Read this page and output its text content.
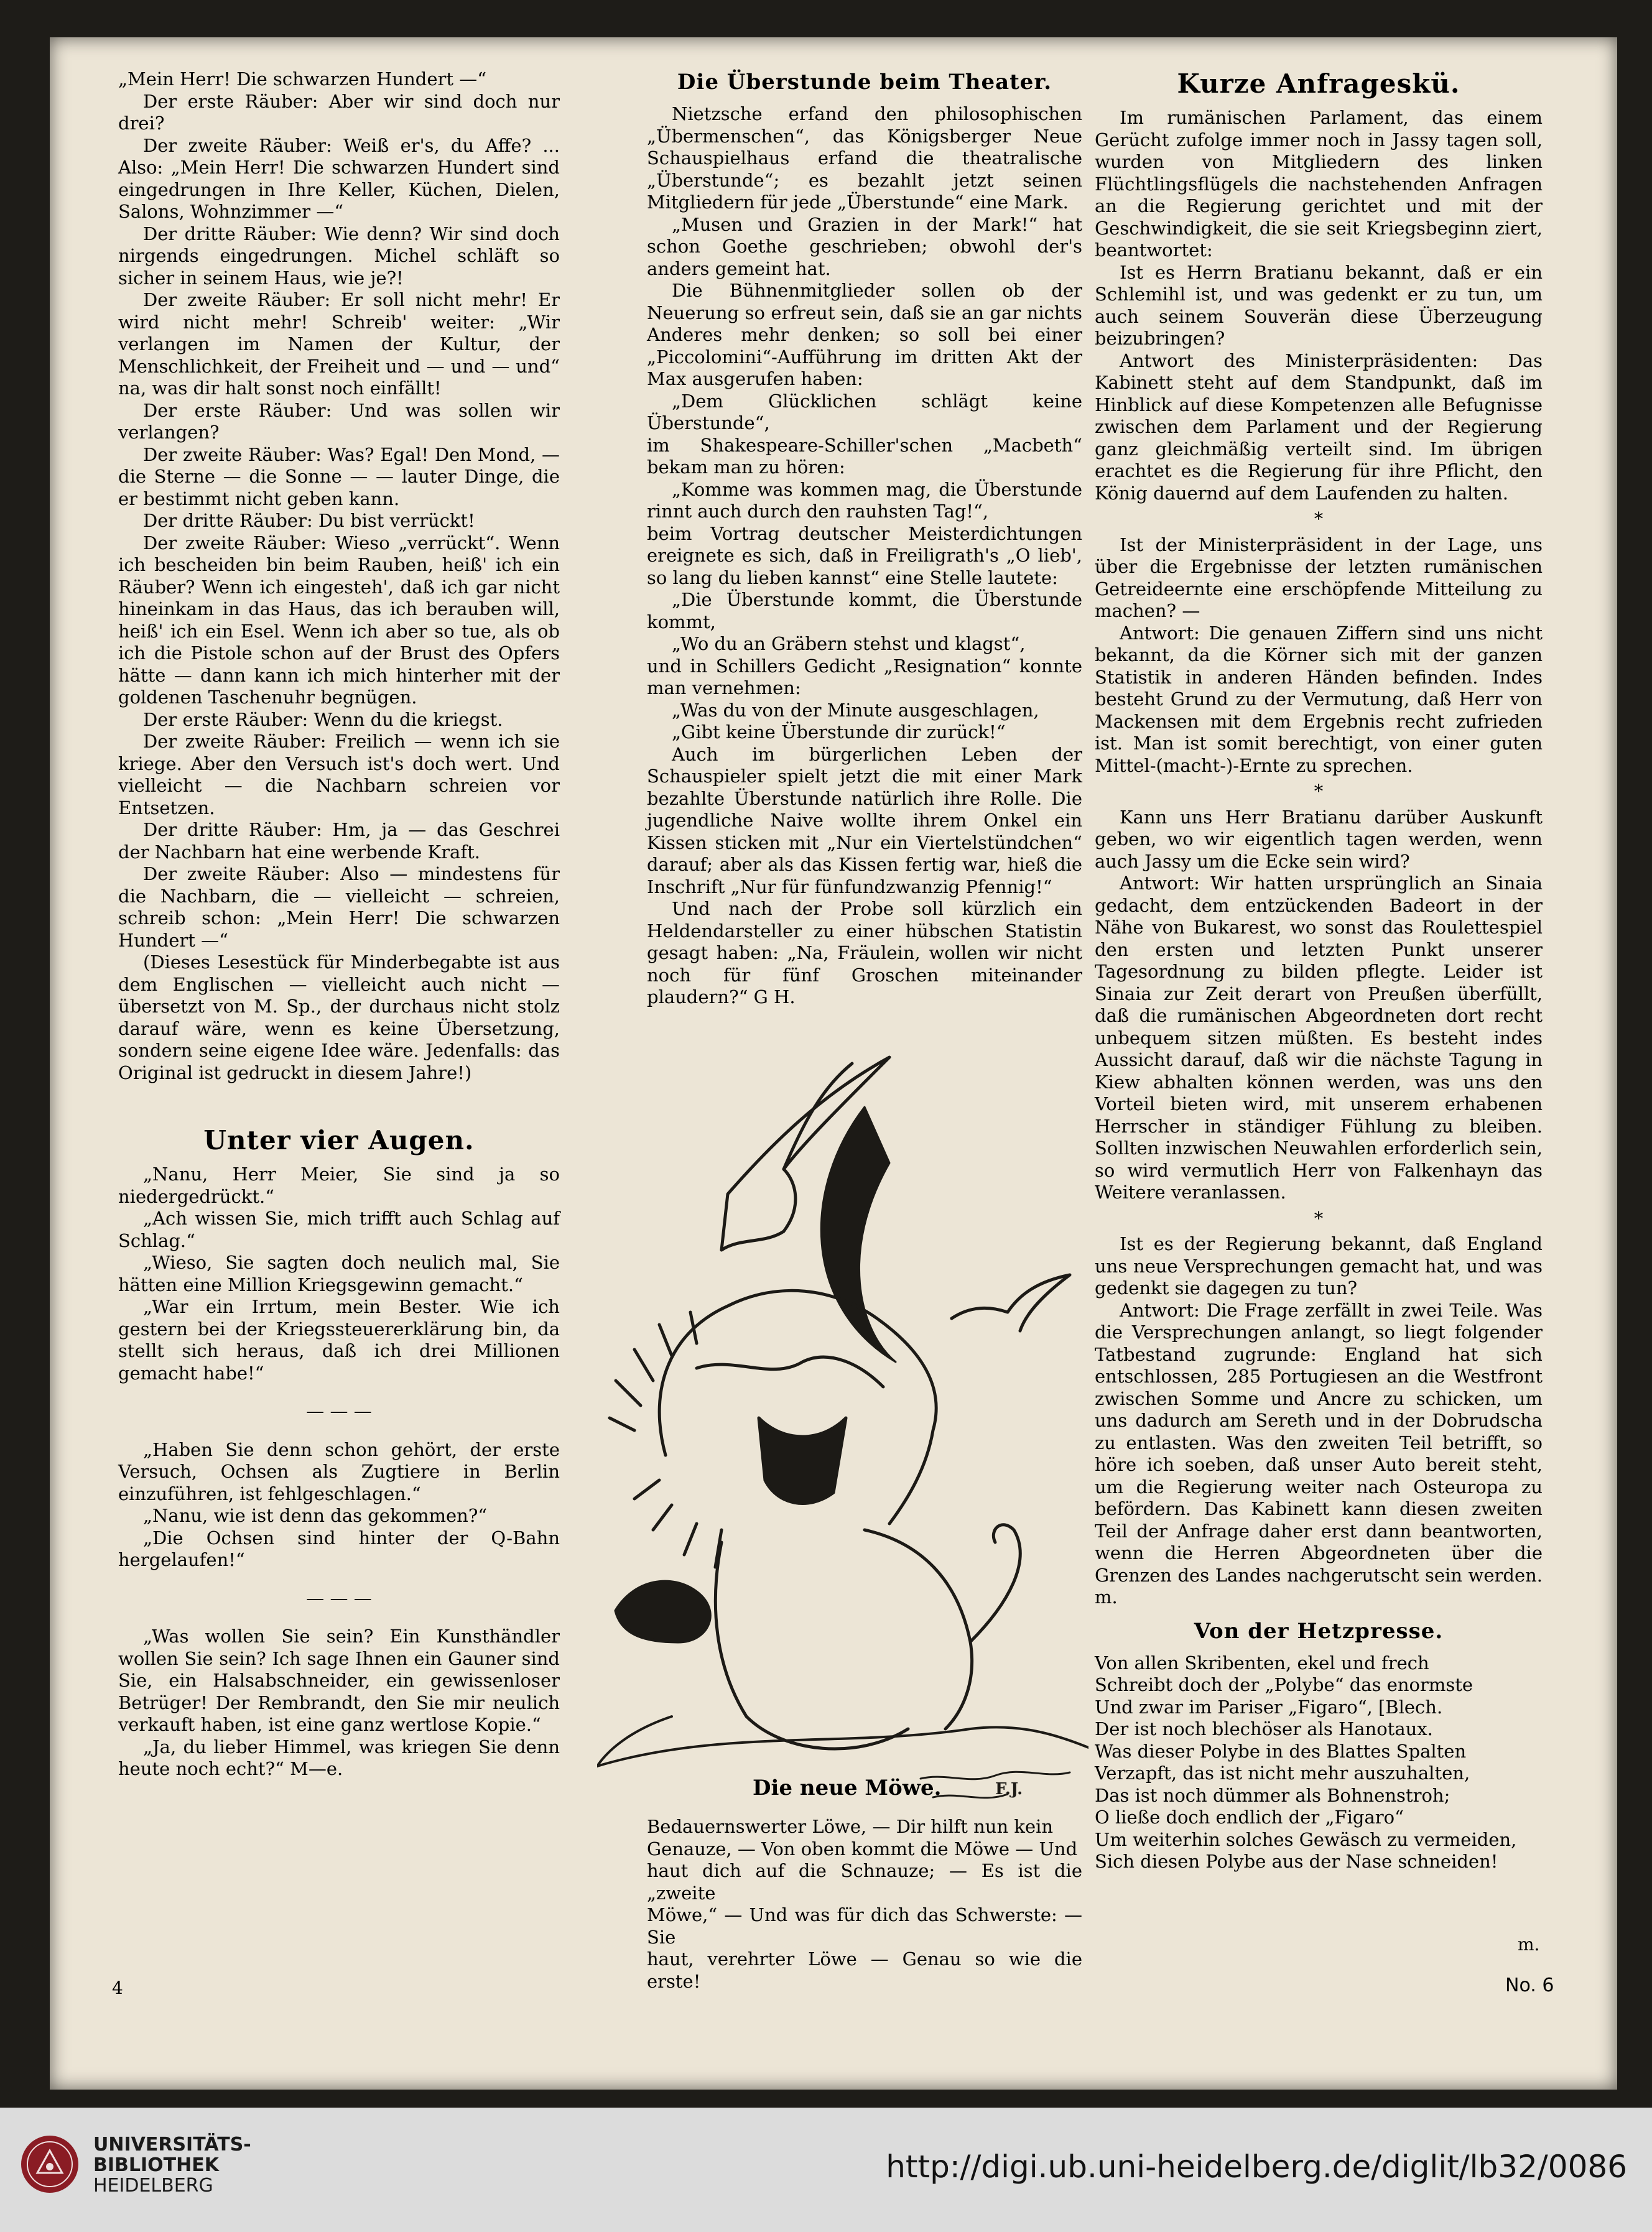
„Mein Herr! Die schwarzen Hundert —“

Der erste Räuber: Aber wir sind doch nur drei?

Der zweite Räuber: Weiß er's, du Affe? ... Also: „Mein Herr! Die schwarzen Hundert sind eingedrungen in Ihre Keller, Küchen, Dielen, Salons, Wohnzimmer —“

Der dritte Räuber: Wie denn? Wir sind doch nirgends eingedrungen. Michel schläft so sicher in seinem Haus, wie je?!

Der zweite Räuber: Er soll nicht mehr! Er wird nicht mehr! Schreib' weiter: „Wir verlangen im Namen der Kultur, der Menschlichkeit, der Freiheit und — und — und“ na, was dir halt sonst noch einfällt!

Der erste Räuber: Und was sollen wir verlangen?

Der zweite Räuber: Was? Egal! Den Mond, — die Sterne — die Sonne — — lauter Dinge, die er bestimmt nicht geben kann.

Der dritte Räuber: Du bist verrückt!

Der zweite Räuber: Wieso „verrückt“. Wenn ich bescheiden bin beim Rauben, heiß' ich ein Räuber? Wenn ich eingesteh', daß ich gar nicht hineinkam in das Haus, das ich berauben will, heiß' ich ein Esel. Wenn ich aber so tue, als ob ich die Pistole schon auf der Brust des Opfers hätte — dann kann ich mich hinterher mit der goldenen Taschenuhr begnügen.

Der erste Räuber: Wenn du die kriegst.

Der zweite Räuber: Freilich — wenn ich sie kriege. Aber den Versuch ist's doch wert. Und vielleicht — die Nachbarn schreien vor Entsetzen.

Der dritte Räuber: Hm, ja — das Geschrei der Nachbarn hat eine werbende Kraft.

Der zweite Räuber: Also — mindestens für die Nachbarn, die — vielleicht — schreien, schreib schon: „Mein Herr! Die schwarzen Hundert —“

(Dieses Lesestück für Minderbegabte ist aus dem Englischen — vielleicht auch nicht — übersetzt von M. Sp., der durchaus nicht stolz darauf wäre, wenn es keine Übersetzung, sondern seine eigene Idee wäre. Jedenfalls: das Original ist gedruckt in diesem Jahre!)

Unter vier Augen.

„Nanu, Herr Meier, Sie sind ja so niedergedrückt.“

„Ach wissen Sie, mich trifft auch Schlag auf Schlag.“

„Wieso, Sie sagten doch neulich mal, Sie hätten eine Million Kriegsgewinn gemacht.“

„War ein Irrtum, mein Bester. Wie ich gestern bei der Kriegssteuererklärung bin, da stellt sich heraus, daß ich drei Millionen gemacht habe!“

— — —

„Haben Sie denn schon gehört, der erste Versuch, Ochsen als Zugtiere in Berlin einzuführen, ist fehlgeschlagen.“

„Nanu, wie ist denn das gekommen?“

„Die Ochsen sind hinter der Q-Bahn hergelaufen!“

— — —

„Was wollen Sie sein? Ein Kunsthändler wollen Sie sein? Ich sage Ihnen ein Gauner sind Sie, ein Halsabschneider, ein gewissenloser Betrüger! Der Rembrandt, den Sie mir neulich verkauft haben, ist eine ganz wertlose Kopie.“

„Ja, du lieber Himmel, was kriegen Sie denn heute noch echt?“ M—e.

Die Überstunde beim Theater.

Nietzsche erfand den philosophischen „Übermenschen“, das Königsberger Neue Schauspielhaus erfand die theatralische „Überstunde“; es bezahlt jetzt seinen Mitgliedern für jede „Überstunde“ eine Mark.

„Musen und Grazien in der Mark!“ hat schon Goethe geschrieben; obwohl der's anders gemeint hat.

Die Bühnenmitglieder sollen ob der Neuerung so erfreut sein, daß sie an gar nichts Anderes mehr denken; so soll bei einer „Piccolomini“-Aufführung im dritten Akt der Max ausgerufen haben:

„Dem Glücklichen schlägt keine Überstunde“,

im Shakespeare-Schiller'schen „Macbeth“ bekam man zu hören:

„Komme was kommen mag, die Überstunde rinnt auch durch den rauhsten Tag!“,

beim Vortrag deutscher Meisterdichtungen ereignete es sich, daß in Freiligrath's „O lieb', so lang du lieben kannst“ eine Stelle lautete:

„Die Überstunde kommt, die Überstunde kommt,

„Wo du an Gräbern stehst und klagst“,

und in Schillers Gedicht „Resignation“ konnte man vernehmen:

„Was du von der Minute ausgeschlagen,

„Gibt keine Überstunde dir zurück!“

Auch im bürgerlichen Leben der Schauspieler spielt jetzt die mit einer Mark bezahlte Überstunde natürlich ihre Rolle. Die jugendliche Naive wollte ihrem Onkel ein Kissen sticken mit „Nur ein Viertelstündchen“ darauf; aber als das Kissen fertig war, hieß die Inschrift „Nur für fünfundzwanzig Pfennig!“

Und nach der Probe soll kürzlich ein Heldendarsteller zu einer hübschen Statistin gesagt haben: „Na, Fräulein, wollen wir nicht noch für fünf Groschen miteinander plaudern?“ G H.

F.J.
Die neue Möwe.

Bedauernswerter Löwe, — Dir hilft nun kein

Genauze, — Von oben kommt die Möwe — Und

haut dich auf die Schnauze; — Es ist die „zweite

Möwe,“ — Und was für dich das Schwerste: — Sie

haut, verehrter Löwe — Genau so wie die erste!

Kurze Anfrageskü.

Im rumänischen Parlament, das einem Gerücht zufolge immer noch in Jassy tagen soll, wurden von Mitgliedern des linken Flüchtlingsflügels die nachstehenden Anfragen an die Regierung gerichtet und mit der Geschwindigkeit, die sie seit Kriegsbeginn ziert, beantwortet:

Ist es Herrn Bratianu bekannt, daß er ein Schlemihl ist, und was gedenkt er zu tun, um auch seinem Souverän diese Überzeugung beizubringen?

Antwort des Ministerpräsidenten: Das Kabinett steht auf dem Standpunkt, daß im Hinblick auf diese Kompetenzen alle Befugnisse zwischen dem Parlament und der Regierung ganz gleichmäßig verteilt sind. Im übrigen erachtet es die Regierung für ihre Pflicht, den König dauernd auf dem Laufenden zu halten.

*

Ist der Ministerpräsident in der Lage, uns über die Ergebnisse der letzten rumänischen Getreideernte eine erschöpfende Mitteilung zu machen? —

Antwort: Die genauen Ziffern sind uns nicht bekannt, da die Körner sich mit der ganzen Statistik in anderen Händen befinden. Indes besteht Grund zu der Vermutung, daß Herr von Mackensen mit dem Ergebnis recht zufrieden ist. Man ist somit berechtigt, von einer guten Mittel-(macht-)-Ernte zu sprechen.

*

Kann uns Herr Bratianu darüber Auskunft geben, wo wir eigentlich tagen werden, wenn auch Jassy um die Ecke sein wird?

Antwort: Wir hatten ursprünglich an Sinaia gedacht, dem entzückenden Badeort in der Nähe von Bukarest, wo sonst das Roulettespiel den ersten und letzten Punkt unserer Tagesordnung zu bilden pflegte. Leider ist Sinaia zur Zeit derart von Preußen überfüllt, daß die rumänischen Abgeordneten dort recht unbequem sitzen müßten. Es besteht indes Aussicht darauf, daß wir die nächste Tagung in Kiew abhalten können werden, was uns den Vorteil bieten wird, mit unserem erhabenen Herrscher in ständiger Fühlung zu bleiben. Sollten inzwischen Neuwahlen erforderlich sein, so wird vermutlich Herr von Falkenhayn das Weitere veranlassen.

*

Ist es der Regierung bekannt, daß England uns neue Versprechungen gemacht hat, und was gedenkt sie dagegen zu tun?

Antwort: Die Frage zerfällt in zwei Teile. Was die Versprechungen anlangt, so liegt folgender Tatbestand zugrunde: England hat sich entschlossen, 285 Portugiesen an die Westfront zwischen Somme und Ancre zu schicken, um uns dadurch am Sereth und in der Dobrudscha zu entlasten. Was den zweiten Teil betrifft, so höre ich soeben, daß unser Auto bereit steht, um die Regierung weiter nach Osteuropa zu befördern. Das Kabinett kann diesen zweiten Teil der Anfrage daher erst dann beantworten, wenn die Herren Abgeordneten über die Grenzen des Landes nachgerutscht sein werden. m.

Von der Hetzpresse.

Von allen Skribenten, ekel und frech

Schreibt doch der „Polybe“ das enormste

Und zwar im Pariser „Figaro“, [Blech.

Der ist noch blechöser als Hanotaux.

Was dieser Polybe in des Blattes Spalten

Verzapft, das ist nicht mehr auszuhalten,

Das ist noch dümmer als Bohnenstroh;

O ließe doch endlich der „Figaro“

Um weiterhin solches Gewäsch zu vermeiden,

Sich diesen Polybe aus der Nase schneiden!

m.
4	No. 6
UNIVERSITÄTS-
BIBLIOTHEK
HEIDELBERG
http://digi.ub.uni-heidelberg.de/diglit/lb32/0086
